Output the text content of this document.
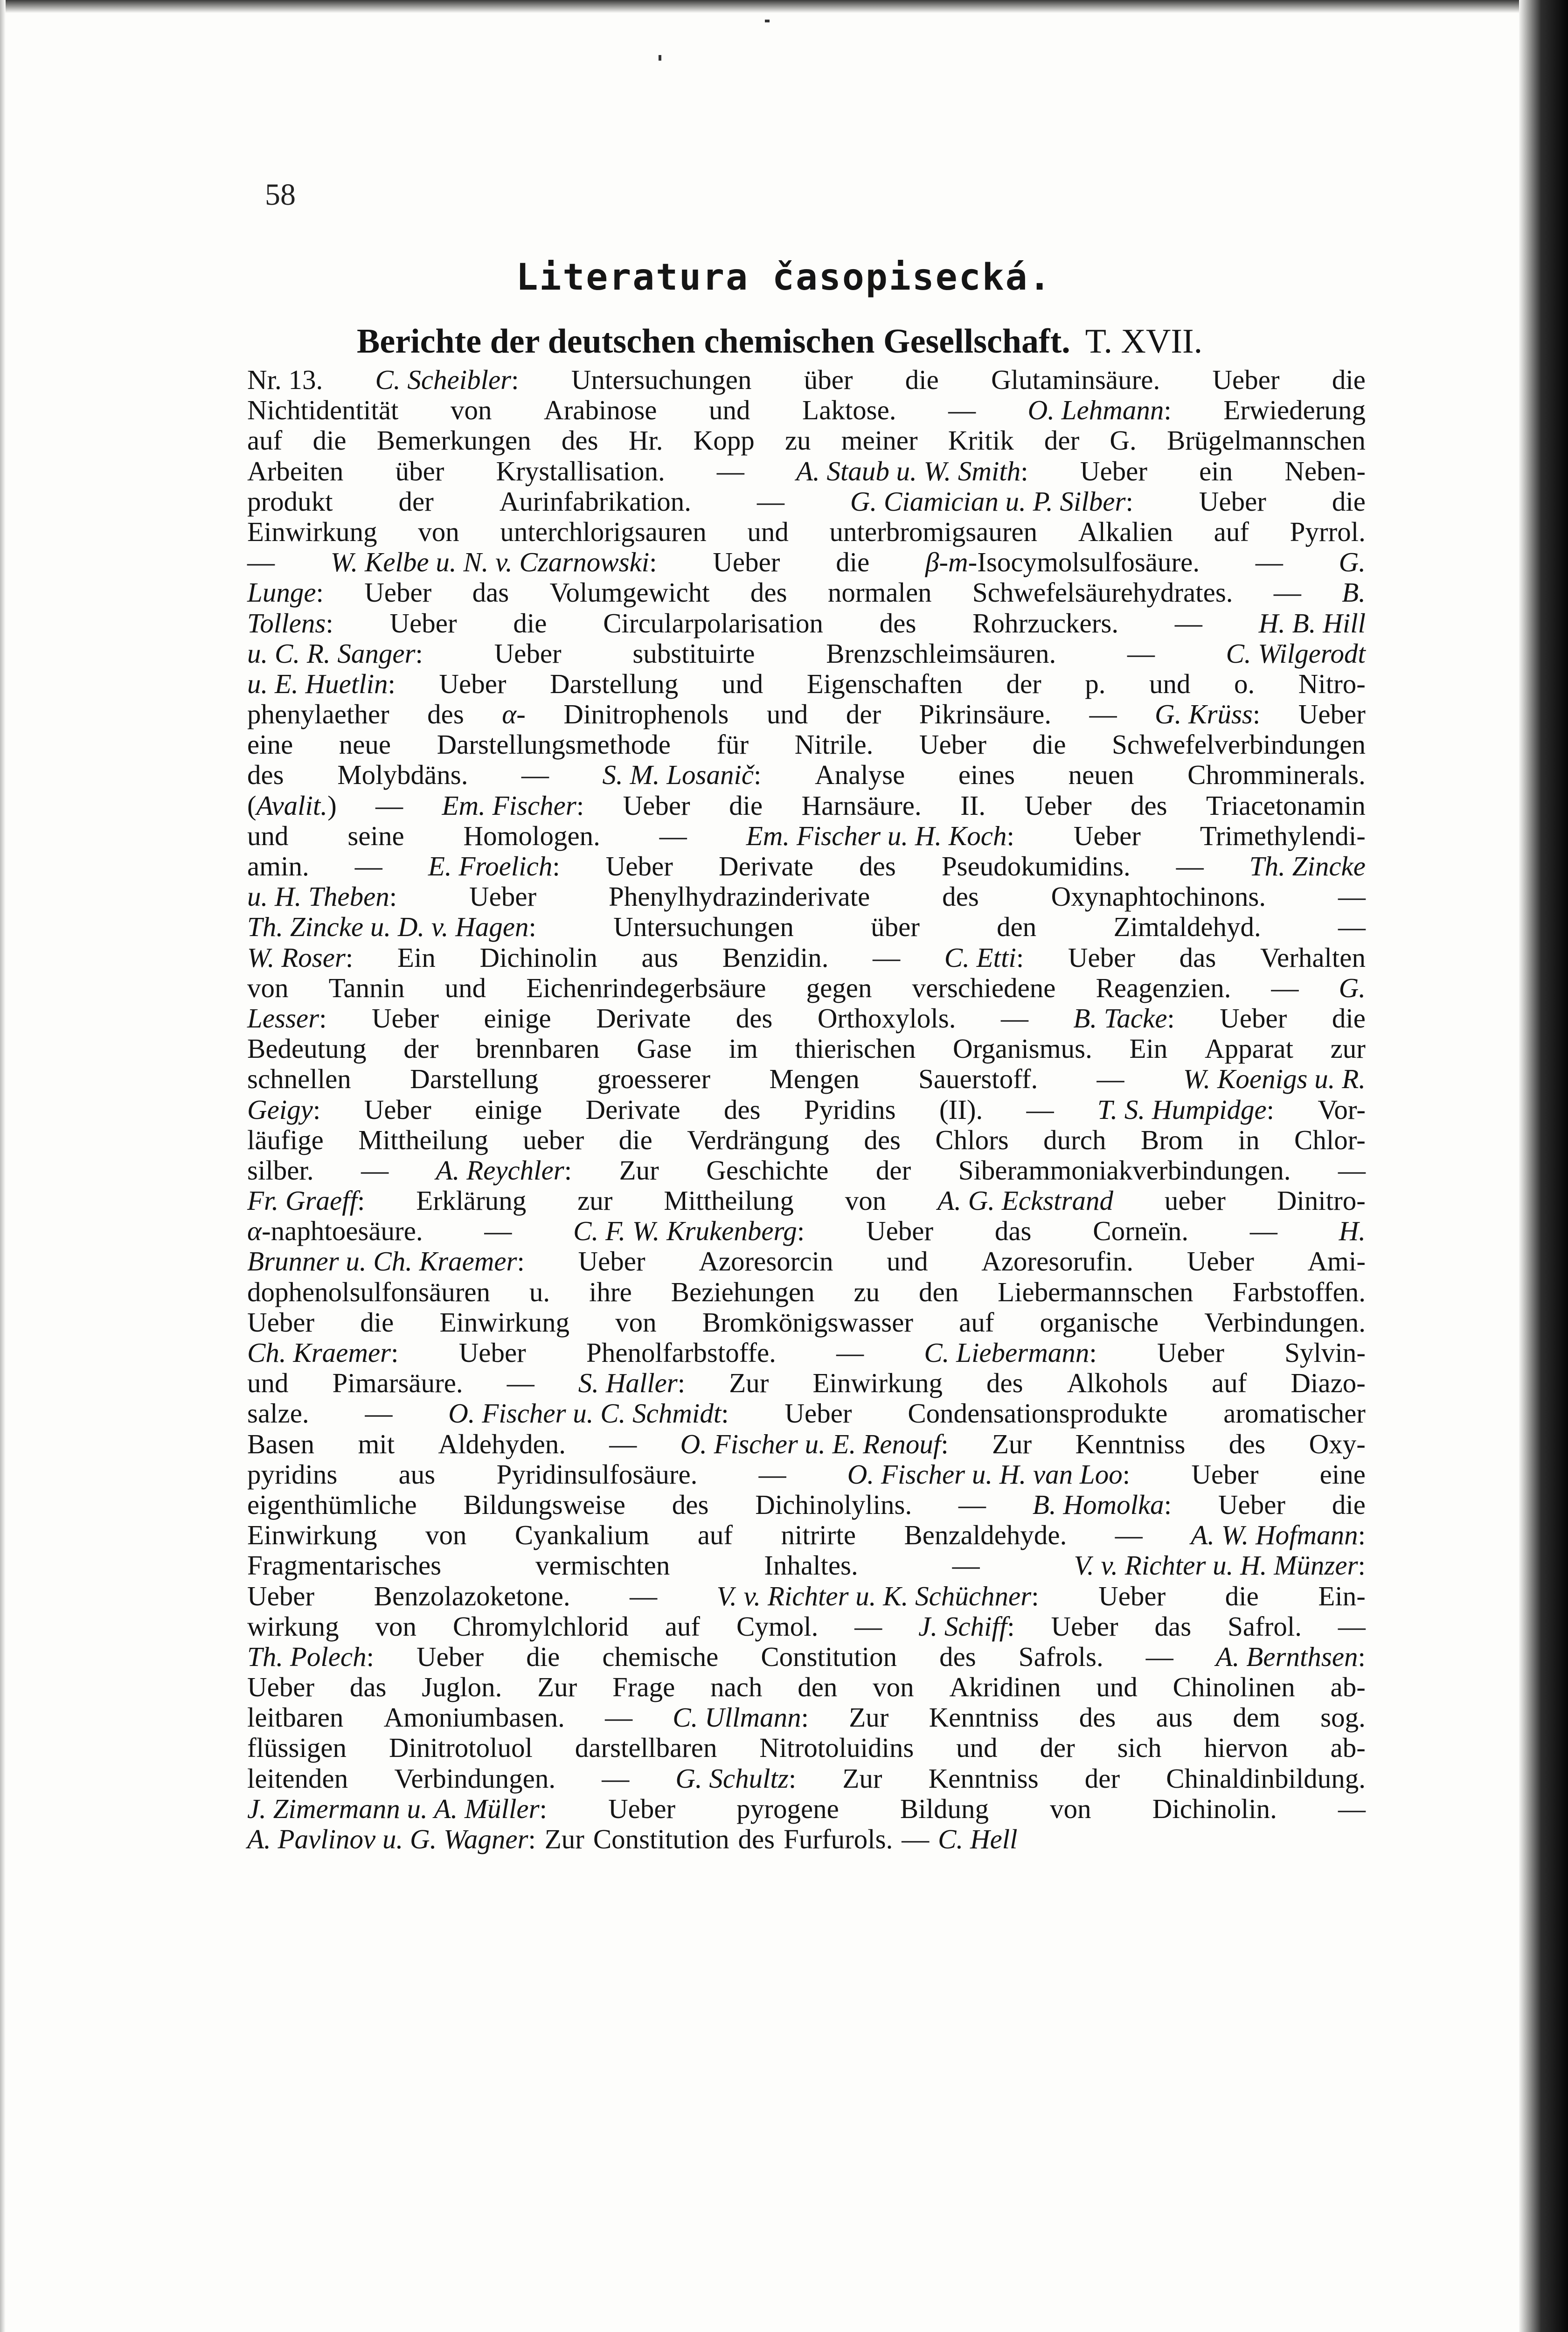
58
Literatura časopisecká.
Berichte der deutschen chemischen Gesellschaft. T. XVII.
Nr. 13. C. Scheibler: Untersuchungen über die Glutaminsäure. Ueber die
Nichtidentität von Arabinose und Laktose. — O. Lehmann: Erwiederung
auf die Bemerkungen des Hr. Kopp zu meiner Kritik der G. Brügelmannschen
Arbeiten über Krystallisation. — A. Staub u. W. Smith: Ueber ein Neben-
produkt der Aurinfabrikation. — G. Ciamician u. P. Silber: Ueber die
Einwirkung von unterchlorigsauren und unterbromigsauren Alkalien auf Pyrrol.
— W. Kelbe u. N. v. Czarnowski: Ueber die β-m-Isocymolsulfosäure. — G.
Lunge: Ueber das Volumgewicht des normalen Schwefelsäurehydrates. — B.
Tollens: Ueber die Circularpolarisation des Rohrzuckers. — H. B. Hill
u. C. R. Sanger:	Ueber	substituirte	Brenzschleimsäuren.	—	C. Wilgerodt
u. E. Huetlin: Ueber Darstellung und Eigenschaften der p. und o. Nitro-
phenylaether des α- Dinitrophenols und der Pikrinsäure. — G. Krüss: Ueber
eine neue Darstellungsmethode für Nitrile. Ueber die Schwefelverbindungen
des Molybdäns. — S. M. Losanič: Analyse eines neuen Chromminerals.
(Avalit.) — Em. Fischer: Ueber die Harnsäure. II. Ueber des Triacetonamin
und seine Homologen. — Em. Fischer u. H. Koch: Ueber Trimethylendi-
amin. — E. Froelich: Ueber Derivate des Pseudokumidins. — Th. Zincke
u. H. Theben:	Ueber	Phenylhydrazinderivate	des	Oxynaphtochinons.	—
Th. Zincke u. D. v. Hagen:	Untersuchungen	über	den	Zimtaldehyd.	—
W. Roser: Ein Dichinolin aus Benzidin. — C. Etti: Ueber das Verhalten
von Tannin und Eichenrindegerbsäure gegen verschiedene Reagenzien. — G.
Lesser: Ueber einige Derivate des Orthoxylols. — B. Tacke: Ueber die
Bedeutung der brennbaren Gase im thierischen Organismus. Ein Apparat zur
schnellen Darstellung groesserer Mengen Sauerstoff. — W. Koenigs u. R.
Geigy: Ueber einige Derivate des Pyridins (II). — T. S. Humpidge: Vor-
läufige Mittheilung ueber die Verdrängung des Chlors durch Brom in Chlor-
silber. — A. Reychler: Zur Geschichte der Siberammoniakverbindungen. —
Fr. Graeff: Erklärung zur Mittheilung von A. G. Eckstrand ueber Dinitro-
α-naphtoesäure. — C. F. W. Krukenberg: Ueber das Corneïn. — H.
Brunner u. Ch. Kraemer: Ueber Azoresorcin und Azoresorufin. Ueber Ami-
dophenolsulfonsäuren u. ihre Beziehungen zu den Liebermannschen Farbstoffen.
Ueber die Einwirkung von Bromkönigswasser auf organische Verbindungen.
Ch. Kraemer: Ueber Phenolfarbstoffe. — C. Liebermann: Ueber Sylvin-
und Pimarsäure. — S. Haller: Zur Einwirkung des Alkohols auf Diazo-
salze. — O. Fischer u. C. Schmidt: Ueber Condensationsprodukte aromatischer
Basen mit Aldehyden. — O. Fischer u. E. Renouf: Zur Kenntniss des Oxy-
pyridins aus Pyridinsulfosäure. — O. Fischer u. H. van Loo: Ueber eine
eigenthümliche Bildungsweise des Dichinolylins. — B. Homolka: Ueber die
Einwirkung von Cyankalium auf nitrirte Benzaldehyde. — A. W. Hofmann:
Fragmentarisches	vermischten	Inhaltes.	—	V. v. Richter u. H. Münzer:
Ueber Benzolazoketone. — V. v. Richter u. K. Schüchner: Ueber die Ein-
wirkung von Chromylchlorid auf Cymol. — J. Schiff: Ueber das Safrol. —
Th. Polech: Ueber die chemische Constitution des Safrols. — A. Bernthsen:
Ueber das Juglon. Zur Frage nach den von Akridinen und Chinolinen ab-
leitbaren Amoniumbasen. — C. Ullmann: Zur Kenntniss des aus dem sog.
flüssigen Dinitrotoluol darstellbaren Nitrotoluidins und der sich hiervon ab-
leitenden Verbindungen. — G. Schultz: Zur Kenntniss der Chinaldinbildung.
J. Zimermann u. A. Müller: Ueber pyrogene Bildung von Dichinolin. —
A. Pavlinov u. G. Wagner: Zur Constitution des Furfurols. — C. Hell
